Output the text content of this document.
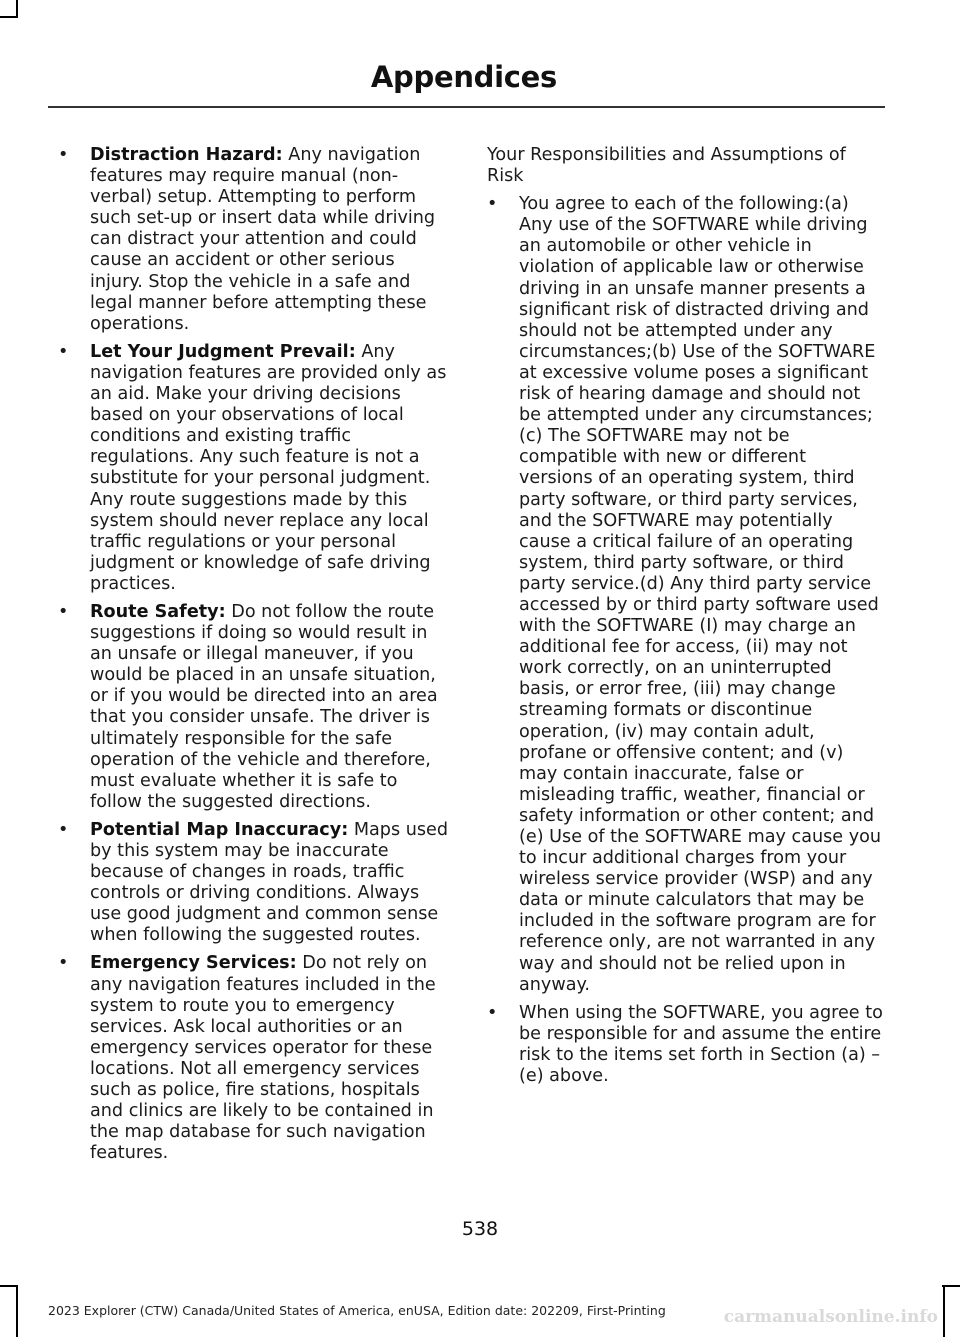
Appendices
• Distraction Hazard: Any navigation features may require manual (non-verbal) setup. Attempting to perform such set-up or insert data while driving can distract your attention and could cause an accident or other serious injury. Stop the vehicle in a safe and legal manner before attempting these operations.
• Let Your Judgment Prevail: Any navigation features are provided only as an aid. Make your driving decisions based on your observations of local conditions and existing traffic regulations. Any such feature is not a substitute for your personal judgment. Any route suggestions made by this system should never replace any local traffic regulations or your personal judgment or knowledge of safe driving practices.
• Route Safety: Do not follow the route suggestions if doing so would result in an unsafe or illegal maneuver, if you would be placed in an unsafe situation, or if you would be directed into an area that you consider unsafe. The driver is ultimately responsible for the safe operation of the vehicle and therefore, must evaluate whether it is safe to follow the suggested directions.
• Potential Map Inaccuracy: Maps used by this system may be inaccurate because of changes in roads, traffic controls or driving conditions. Always use good judgment and common sense when following the suggested routes.
• Emergency Services: Do not rely on any navigation features included in the system to route you to emergency services. Ask local authorities or an emergency services operator for these locations. Not all emergency services such as police, fire stations, hospitals and clinics are likely to be contained in the map database for such navigation features.
Your Responsibilities and Assumptions of Risk
• You agree to each of the following:(a) Any use of the SOFTWARE while driving an automobile or other vehicle in violation of applicable law or otherwise driving in an unsafe manner presents a significant risk of distracted driving and should not be attempted under any circumstances;(b) Use of the SOFTWARE at excessive volume poses a significant risk of hearing damage and should not be attempted under any circumstances;(c) The SOFTWARE may not be compatible with new or different versions of an operating system, third party software, or third party services, and the SOFTWARE may potentially cause a critical failure of an operating system, third party software, or third party service.(d) Any third party service accessed by or third party software used with the SOFTWARE (I) may charge an additional fee for access, (ii) may not work correctly, on an uninterrupted basis, or error free, (iii) may change streaming formats or discontinue operation, (iv) may contain adult, profane or offensive content; and (v) may contain inaccurate, false or misleading traffic, weather, financial or safety information or other content; and (e) Use of the SOFTWARE may cause you to incur additional charges from your wireless service provider (WSP) and any data or minute calculators that may be included in the software program are for reference only, are not warranted in any way and should not be relied upon in anyway.
• When using the SOFTWARE, you agree to be responsible for and assume the entire risk to the items set forth in Section (a) – (e) above.
538
2023 Explorer (CTW) Canada/United States of America, enUSA, Edition date: 202209, First-Printing	carmanualsonline.info
